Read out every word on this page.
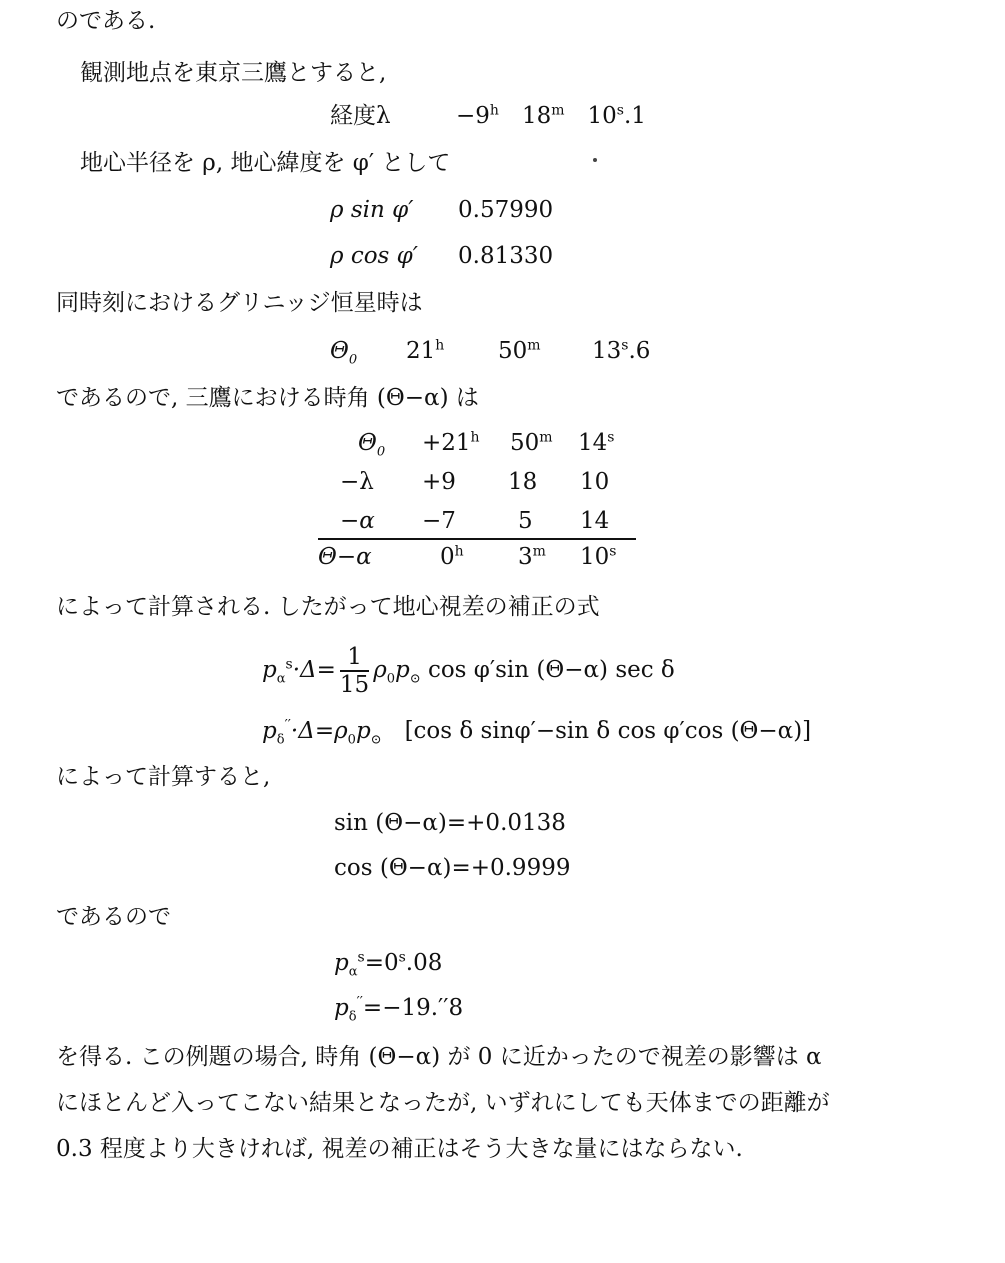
のである.
観測地点を東京三鷹とすると,
経度λ	$-9^h$  18$^m$  10$^s$.1
地心半径を ρ, 地心緯度を φ′ として
ρ sin φ′ 0.57990
ρ cos φ′ 0.81330
同時刻におけるグリニッジ恒星時は
$\Theta_0$ 21$^h$ 50$^m$ 13$^s$.6
であるので, 三鷹における時角 (Θ−α) は
$\Theta_0 +21^h$ 50$^m$ $14^s$
−λ +9 18 10
−α −7	5 14
Θ−α	0$^h$ 3$^m$ 10$^s$
によって計算される. したがって地心視差の補正の式
$p_\alpha^s\cdot\Delta= \frac{1}{15} \rho_0p_⊙$ cos φ′sin (Θ−α) sec δ
$p_\delta''\cdot\Delta=\rho_0p_⊙$  [cos δ sinφ′−sin δ cos φ′cos (Θ−α)]
によって計算すると,
sin (Θ−α)=+0.0138
cos (Θ−α)=+0.9999
であるので
$p_\alpha^s=0^s.08$
$p_\delta''=-19.''8$
を得る. この例題の場合, 時角 (Θ−α) が 0 に近かったので視差の影響は α
にほとんど入ってこない結果となったが, いずれにしても天体までの距離が
0.3 程度より大きければ, 視差の補正はそう大きな量にはならない.
